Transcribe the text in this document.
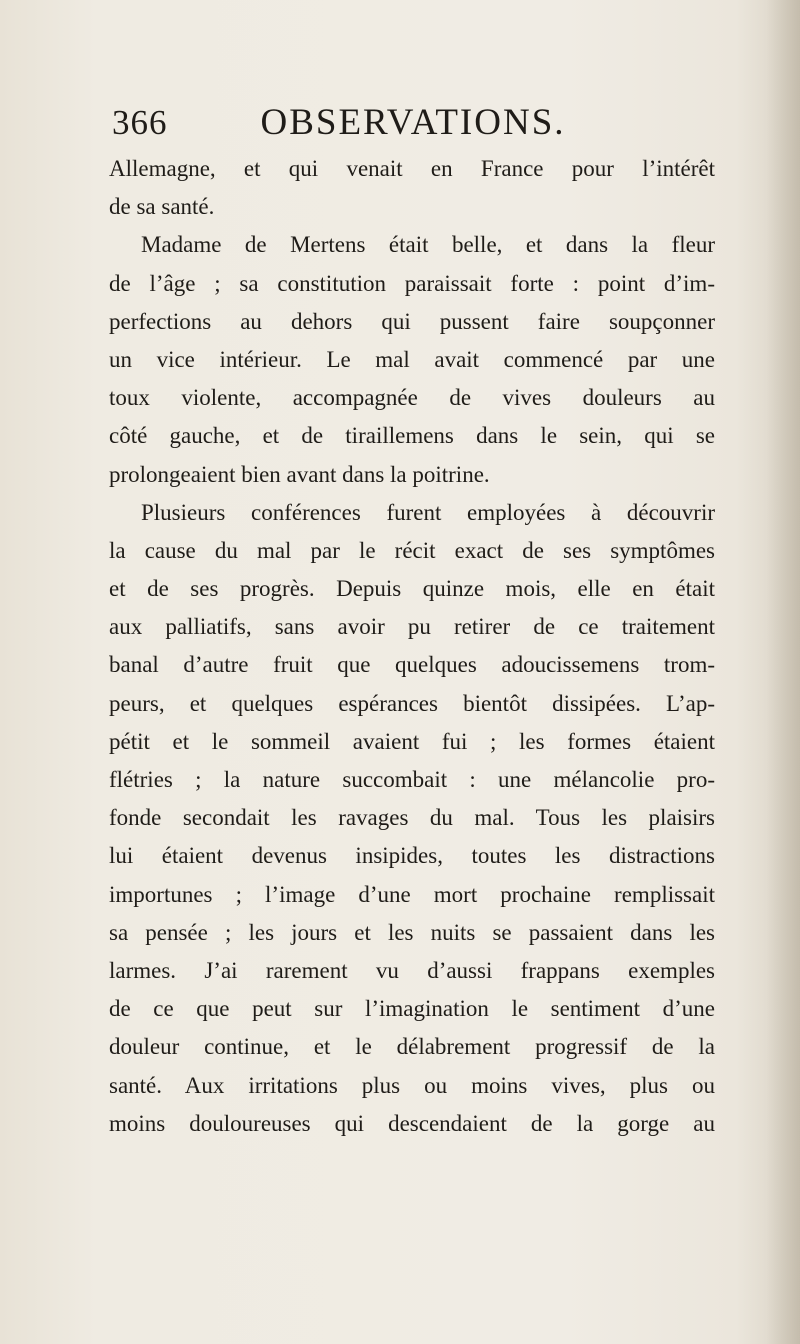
366	OBSERVATIONS.
Allemagne, et qui venait en France pour l’intérêt
de sa santé.
Madame de Mertens était belle, et dans la fleur
de l’âge ; sa constitution paraissait forte : point d’im-
perfections au dehors qui pussent faire soupçonner
un vice intérieur. Le mal avait commencé par une
toux violente, accompagnée de vives douleurs au
côté gauche, et de tiraillemens dans le sein, qui se
prolongeaient bien avant dans la poitrine.
Plusieurs conférences furent employées à découvrir
la cause du mal par le récit exact de ses symptômes
et de ses progrès. Depuis quinze mois, elle en était
aux palliatifs, sans avoir pu retirer de ce traitement
banal d’autre fruit que quelques adoucissemens trom-
peurs, et quelques espérances bientôt dissipées. L’ap-
pétit et le sommeil avaient fui ; les formes étaient
flétries ; la nature succombait : une mélancolie pro-
fonde secondait les ravages du mal. Tous les plaisirs
lui étaient devenus insipides, toutes les distractions
importunes ; l’image d’une mort prochaine remplissait
sa pensée ; les jours et les nuits se passaient dans les
larmes. J’ai rarement vu d’aussi frappans exemples
de ce que peut sur l’imagination le sentiment d’une
douleur continue, et le délabrement progressif de la
santé. Aux irritations plus ou moins vives, plus ou
moins douloureuses qui descendaient de la gorge au
